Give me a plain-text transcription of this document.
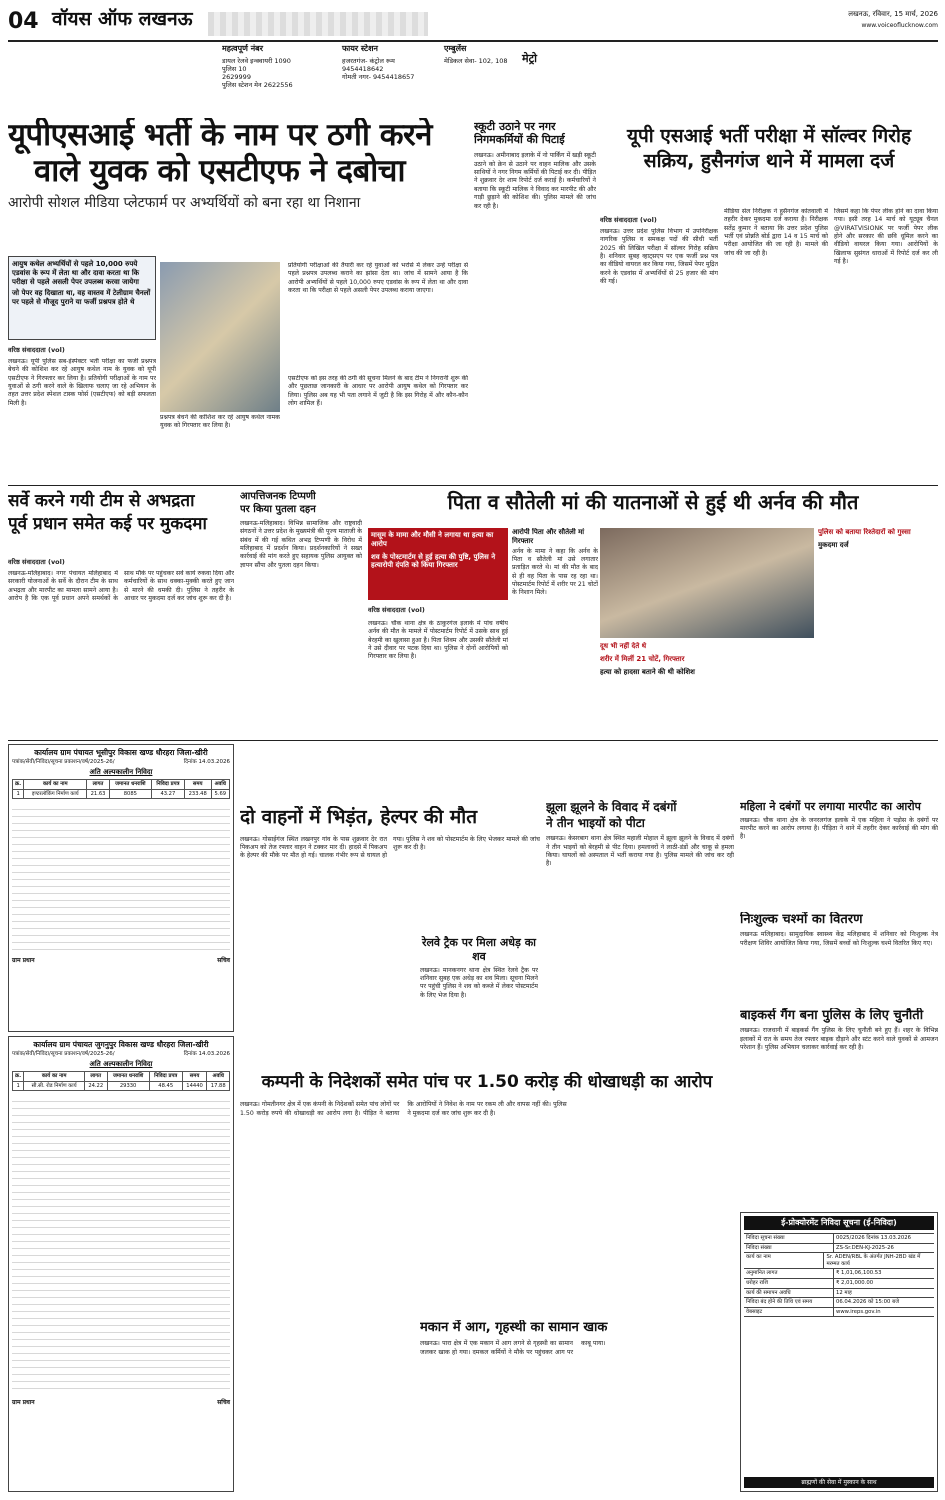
04 वॉयस ऑफ लखनऊ	लखनऊ, रविवार, 15 मार्च, 2026
www.voiceoflucknow.com
महत्वपूर्ण नंबर
डायल रेलवे इन्क्वायरी 1090
पुलिस 10
2629999
पुलिस स्टेशन मेन 2622556
फायर स्टेशन
हजरतगंज- कंट्रोल रूम
9454418642
गोमती नगर- 9454418657
एम्बुलेंस
मेडिकल सेवा- 102, 108	मेट्रो
यूपीएसआई भर्ती के नाम पर ठगी करने
वाले युवक को एसटीएफ ने दबोचा
आरोपी सोशल मीडिया प्लेटफार्म पर अभ्यर्थियों को बना रहा था निशाना
आयुष कथेल अभ्यर्थियों से पहले 10,000 रुपये एडवांस के रूप में लेता था और दावा करता था कि परीक्षा से पहले असली पेपर उपलब्ध करवा जायेगा
जो पेपर वह दिखाता था, वह वास्तव में टेलीग्राम चैनलों पर पहले से मौजूद पुराने या फर्जी प्रश्नपत्र होते थे
प्रश्नपत्र बेचने की कोशिश कर रहे आयुष कथेल नामक युवक को गिरफ्तार कर लिया है।
वरिष्ठ संवाददाता (vol)
लखनऊ। यूपी पुलिस सब-इंस्पेक्टर भर्ती परीक्षा का फर्जी प्रश्नपत्र बेचने की कोशिश कर रहे आयुष कथेल नाम के युवक को यूपी एसटीएफ ने गिरफ्तार कर लिया है। प्रतियोगी परीक्षाओं के नाम पर युवाओं से ठगी करने वाले के खिलाफ चलाए जा रहे अभियान के तहत उत्तर प्रदेश स्पेशल टास्क फोर्स (एसटीएफ) को बड़ी सफलता मिली है।
प्रतियोगी परीक्षाओं की तैयारी कर रहे युवाओं को भरोसे में लेकर उन्हें परीक्षा से पहले प्रश्नपत्र उपलब्ध कराने का झांसा देता था। जांच में सामने आया है कि आरोपी अभ्यर्थियों से पहले 10,000 रुपए एडवांस के रूप में लेता था और दावा करता था कि परीक्षा से पहले असली पेपर उपलब्ध कराया जाएगा।
एसटीएफ को इस तरह की ठगी की सूचना मिलने के बाद टीम ने निगरानी शुरू की और पूछताछ जानकारी के आधार पर आरोपी आयुष कथेल को गिरफ्तार कर लिया। पुलिस अब यह भी पता लगाने में जुटी है कि इस गिरोह में और कौन-कौन लोग शामिल हैं।
स्कूटी उठाने पर नगर निगमकर्मियों की पिटाई
लखनऊ। अमीनाबाद इलाके में नो पार्किंग में खड़ी स्कूटी उठाने को क्रेन से उठाने पर वाहन मालिक और उसके साथियों ने नगर निगम कर्मियों की पिटाई कर दी। पीड़ित ने शुक्रवार देर शाम रिपोर्ट दर्ज कराई है। कर्मचारियों ने बताया कि स्कूटी मालिक ने विवाद कर मारपीट की और गाड़ी छुड़ाने की कोशिश की। पुलिस मामले की जांच कर रही है।
यूपी एसआई भर्ती परीक्षा में सॉल्वर गिरोह
सक्रिय, हुसैनगंज थाने में मामला दर्ज
वरिष्ठ संवाददाता (vol)
लखनऊ। उत्तर प्रदेश पुलिस विभाग में उपनिरीक्षक नागरिक पुलिस व समकक्ष पदों की सीधी भर्ती 2025 की लिखित परीक्षा में सॉल्वर गिरोह सक्रिय है। शनिवार सुबह व्हाट्सएप पर एक फर्जी प्रश्न पत्र का वीडियो वायरल कर किया गया, जिसमें पेपर मुद्रित करने के एडवांस में अभ्यर्थियों से 25 हजार की मांग की गई।
मीडिया सेल निरीक्षक ने हुसैनगंज कोतवाली में तहरीर देकर मुकदमा दर्ज कराया है। निरीक्षक सतेंद्र कुमार ने बताया कि उत्तर प्रदेश पुलिस भर्ती एवं प्रोन्नति बोर्ड द्वारा 14 व 15 मार्च को परीक्षा आयोजित की जा रही है। मामले की जांच की जा रही है।
जिसमें कहा कि पेपर लीक होने का दावा किया गया। इसी तरह 14 मार्च को यूट्यूब चैनल @VIRATVISIONK पर फर्जी पेपर लीक होने और सरकार की छवि धूमिल करने का वीडियो वायरल किया गया। आरोपियों के खिलाफ सुसंगत धाराओं में रिपोर्ट दर्ज कर ली गई है।
सर्वे करने गयी टीम से अभद्रता
पूर्व प्रधान समेत कई पर मुकदमा
वरिष्ठ संवाददाता (vol)
लखनऊ-मलिहाबाद। नगर पंचायत मलिहाबाद में सरकारी योजनाओं के सर्वे के दौरान टीम के साथ अभद्रता और मारपीट का मामला सामने आया है। आरोप है कि एक पूर्व प्रधान अपने समर्थकों के साथ मौके पर पहुंचकर सर्वे कार्य रुकवा दिया और कर्मचारियों के साथ धक्का-मुक्की करते हुए जान से मारने की धमकी दी। पुलिस ने तहरीर के आधार पर मुकदमा दर्ज कर जांच शुरू कर दी है।
आपत्तिजनक टिप्पणी
पर किया पुतला दहन
लखनऊ-मलिहाबाद। विभिन्न सामाजिक और राष्ट्रवादी संगठनों ने उत्तर प्रदेश के मुख्यमंत्री की पूज्य माताजी के संबंध में की गई कथित अभद्र टिप्पणी के विरोध में मलिहाबाद में प्रदर्शन किया। प्रदर्शनकारियों ने सख्त कार्रवाई की मांग करते हुए सहायक पुलिस आयुक्त को ज्ञापन सौंपा और पुतला दहन किया।
पिता व सौतेली मां की यातनाओं से हुई थी अर्नव की मौत
मासूम के मामा और मौसी ने लगाया था हत्या का आरोप
शव के पोस्टमार्टम से हुई हत्या की पुष्टि, पुलिस ने हत्यारोपी दंपति को किया गिरफ्तार
वरिष्ठ संवाददाता (vol)
लखनऊ। चौक थाना क्षेत्र के ठाकुरगंज इलाके में पांच वर्षीय अर्नव की मौत के मामले में पोस्टमार्टम रिपोर्ट में उसके साथ हुई बेरहमी का खुलासा हुआ है। पिता शिवम और उसकी सौतेली मां ने उसे दीवार पर पटक दिया था। पुलिस ने दोनों आरोपियों को गिरफ्तार कर लिया है।
आरोपी पिता और सौतेली मां गिरफ्तार
अर्नव के मामा ने कहा कि अर्नव के पिता व सौतेली मां उसे लगातार प्रताड़ित करते थे। मां की मौत के बाद से ही वह पिता के पास रह रहा था। पोस्टमार्टम रिपोर्ट में शरीर पर 21 चोटों के निशान मिले।
दूध भी नहीं देते थे
शरीर में मिलीं 21 चोटें, गिरफ्तार
हत्या को हादसा बताने की थी कोशिश
पुलिस को बताया रिश्तेदारों को गुस्सा
मुकदमा दर्ज
कार्यालय ग्राम पंचायत भूसीपुर विकास खण्ड धौरहरा जिला-खीरी
पत्रांक/सेवी/निविदा/सूचना प्रकाशन/वर्ष/2025-26/	दिनांक 14.03.2026
अति अल्पकालीन निविदा
क्र.	कार्य का नाम	लागत	जमानत धनराशि	निविदा प्रपत्र	समय	अवधि
1	इण्टरलॉकिंग निर्माण कार्य	21.63	8085	43.27	233.48	5.69
ग्राम प्रधान	सचिव
कार्यालय ग्राम पंचायत जुगनुपुर विकास खण्ड धौरहरा जिला-खीरी
पत्रांक/सेवी/निविदा/सूचना प्रकाशन/वर्ष/2025-26/	दिनांक 14.03.2026
अति अल्पकालीन निविदा
क्र.	कार्य का नाम	लागत	जमानत धनराशि	निविदा प्रपत्र	समय	अवधि
1	सी.सी. रोड निर्माण कार्य	24.22	29330	48.45	14440	17.88
ग्राम प्रधान	सचिव
दो वाहनों में भिड़ंत, हेल्पर की मौत
लखनऊ। गोसाईगंज स्थित लखनपुर गांव के पास शुक्रवार देर रात पिकअप को तेज रफ्तार वाहन ने टक्कर मार दी। हादसे में पिकअप के हेल्पर की मौके पर मौत हो गई। चालक गंभीर रूप से घायल हो गया। पुलिस ने शव को पोस्टमार्टम के लिए भेजकर मामले की जांच शुरू कर दी है।
रेलवे ट्रैक पर मिला अधेड़ का शव
लखनऊ। मानकनगर थाना क्षेत्र स्थित रेलवे ट्रैक पर शनिवार सुबह एक अधेड़ का शव मिला। सूचना मिलने पर पहुंची पुलिस ने शव को कब्जे में लेकर पोस्टमार्टम के लिए भेज दिया है।
झूला झूलने के विवाद में दबंगों
ने तीन भाइयों को पीटा
लखनऊ। केसरबाग थाना क्षेत्र स्थित महाली मोहाल में झूला झूलने के विवाद में दबंगों ने तीन भाइयों को बेरहमी से पीट दिया। हमलावरों ने लाठी-डंडों और चाकू से हमला किया। घायलों को अस्पताल में भर्ती कराया गया है। पुलिस मामले की जांच कर रही है।
महिला ने दबंगों पर लगाया मारपीट का आरोप
लखनऊ। चौक थाना क्षेत्र के जनरलगंज इलाके में एक महिला ने पड़ोस के दबंगों पर मारपीट करने का आरोप लगाया है। पीड़िता ने थाने में तहरीर देकर कार्रवाई की मांग की है।
निःशुल्क चश्मों का वितरण
लखनऊ मलिहाबाद। सामुदायिक स्वास्थ्य केंद्र मलिहाबाद में शनिवार को निःशुल्क नेत्र परीक्षण शिविर आयोजित किया गया, जिसमें बच्चों को निःशुल्क चश्मे वितरित किए गए।
बाइकर्स गैंग बना पुलिस के लिए चुनौती
लखनऊ। राजधानी में बाइकर्स गैंग पुलिस के लिए चुनौती बने हुए हैं। शहर के विभिन्न इलाकों में रात के समय तेज रफ्तार बाइक दौड़ाने और स्टंट करने वाले युवकों से आमजन परेशान हैं। पुलिस अभियान चलाकर कार्रवाई कर रही है।
कम्पनी के निदेशकों समेत पांच पर 1.50 करोड़ की धोखाधड़ी का आरोप
लखनऊ। गोमतीनगर क्षेत्र में एक कंपनी के निदेशकों समेत पांच लोगों पर 1.50 करोड़ रुपये की धोखाधड़ी का आरोप लगा है। पीड़ित ने बताया कि आरोपियों ने निवेश के नाम पर रकम ली और वापस नहीं की। पुलिस ने मुकदमा दर्ज कर जांच शुरू कर दी है।
मकान में आग, गृहस्थी का सामान खाक
लखनऊ। पारा क्षेत्र में एक मकान में आग लगने से गृहस्थी का सामान जलकर खाक हो गया। दमकल कर्मियों ने मौके पर पहुंचकर आग पर काबू पाया।
ई-प्रोक्योरमेंट निविदा सूचना (ई-निविदा)
निविदा सूचना संख्या	0025/2026 दिनांक 13.03.2026
निविदा संख्या	ZS-Sr.DEN-KJ-2025-26
कार्य का नाम	Sr. ADEN/RBL के अंतर्गत JNH-2BD खंड में मरम्मत कार्य
अनुमानित लागत	₹ 1,01,06,100.53
धरोहर राशि	₹ 2,01,000.00
कार्य की समापन अवधि	12 माह
निविदा बंद होने की तिथि एवं समय	06.04.2026 को 15:00 बजे
वेबसाइट	www.ireps.gov.in
ब्राह्मणों की सेवा में मुस्कान के साथ
